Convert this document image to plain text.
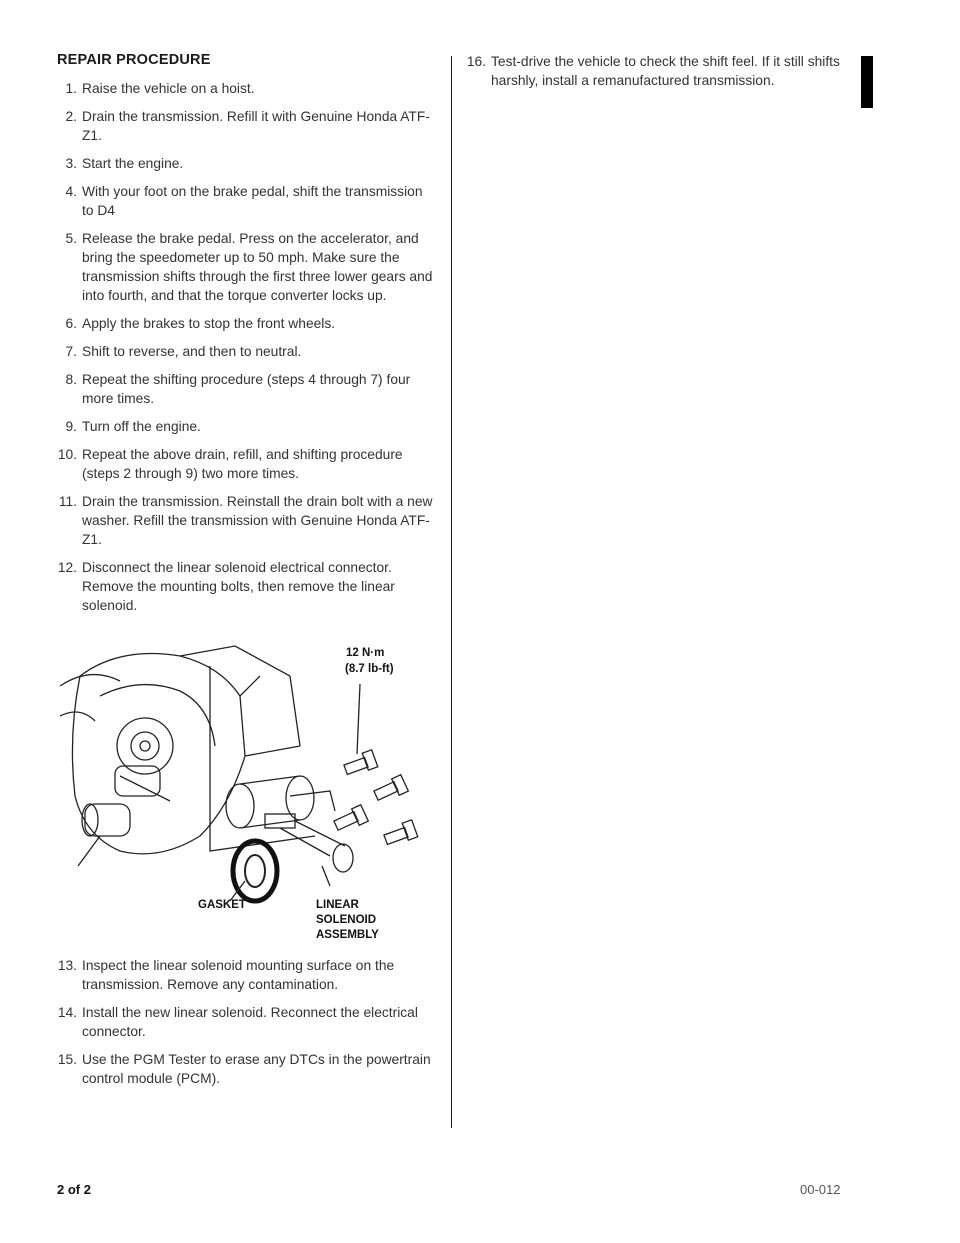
REPAIR PROCEDURE
1. Raise the vehicle on a hoist.
2. Drain the transmission. Refill it with Genuine Honda ATF-Z1.
3. Start the engine.
4. With your foot on the brake pedal, shift the transmission to D4
5. Release the brake pedal. Press on the accelerator, and bring the speedometer up to 50 mph. Make sure the transmission shifts through the first three lower gears and into fourth, and that the torque converter locks up.
6. Apply the brakes to stop the front wheels.
7. Shift to reverse, and then to neutral.
8. Repeat the shifting procedure (steps 4 through 7) four more times.
9. Turn off the engine.
10. Repeat the above drain, refill, and shifting procedure (steps 2 through 9) two more times.
11. Drain the transmission. Reinstall the drain bolt with a new washer. Refill the transmission with Genuine Honda ATF-Z1.
12. Disconnect the linear solenoid electrical connector. Remove the mounting bolts, then remove the linear solenoid.
12 N·m
(8.7 lb-ft)
GASKET	LINEAR
SOLENOID
ASSEMBLY
13. Inspect the linear solenoid mounting surface on the transmission. Remove any contamination.
14. Install the new linear solenoid. Reconnect the electrical connector.
15. Use the PGM Tester to erase any DTCs in the powertrain control module (PCM).
16. Test-drive the vehicle to check the shift feel. If it still shifts harshly, install a remanufactured transmission.
2 of 2	00-012
